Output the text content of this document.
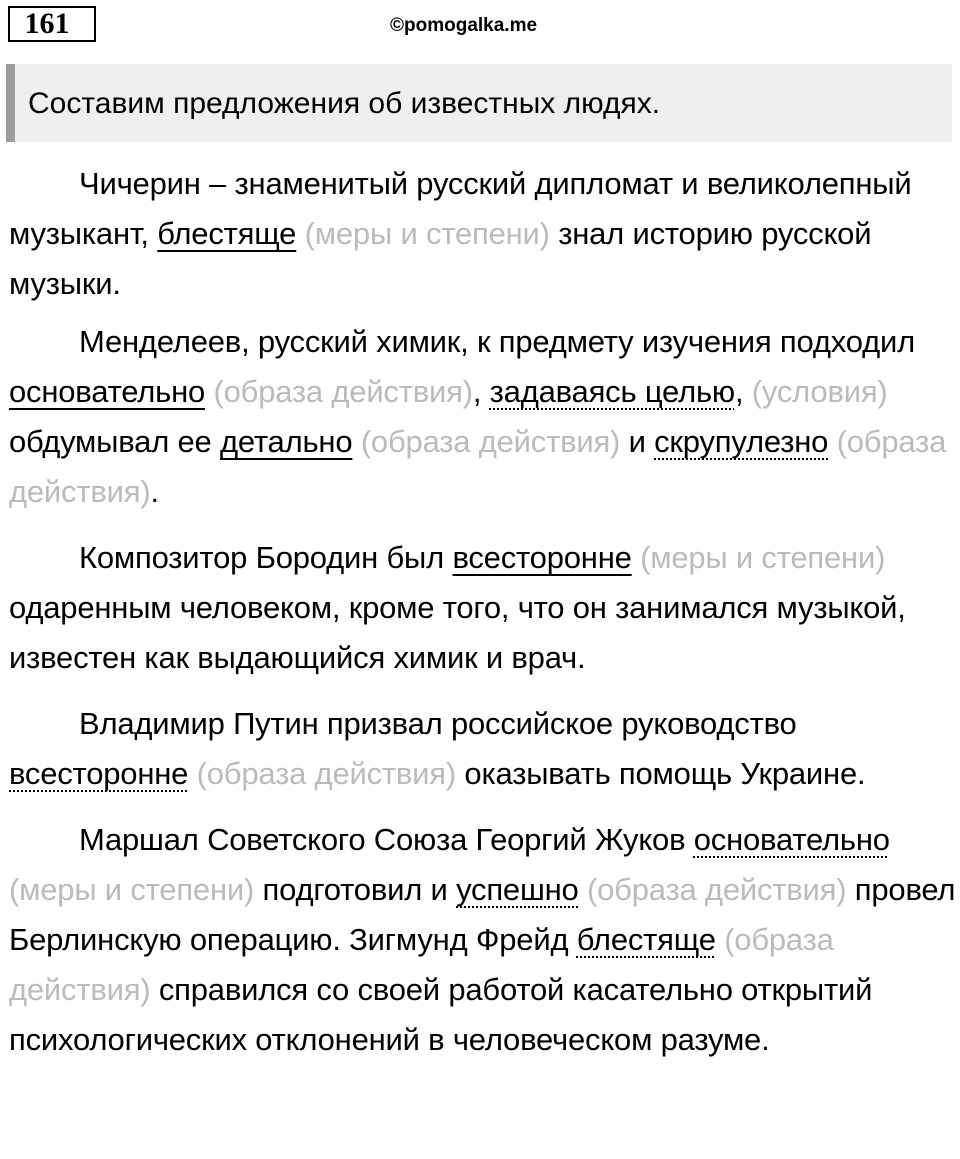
161	©pomogalka.me
Составим предложения об известных людях.

Чичерин – знаменитый русский дипломат и великолепный музыкант, блестяще (меры и степени) знал историю русской музыки.

Менделеев, русский химик, к предмету изучения подходил основательно (образа действия), задаваясь целью, (условия) обдумывал ее детально (образа действия) и скрупулезно (образа действия).

Композитор Бородин был всесторонне (меры и степени) одаренным человеком, кроме того, что он занимался музыкой, известен как выдающийся химик и врач.

Владимир Путин призвал российское руководство всесторонне (образа действия) оказывать помощь Украине.

Маршал Советского Союза Георгий Жуков основательно (меры и степени) подготовил и успешно (образа действия) провел Берлинскую операцию. Зигмунд Фрейд блестяще (образа действия) справился со своей работой касательно открытий психологических отклонений в человеческом разуме.
